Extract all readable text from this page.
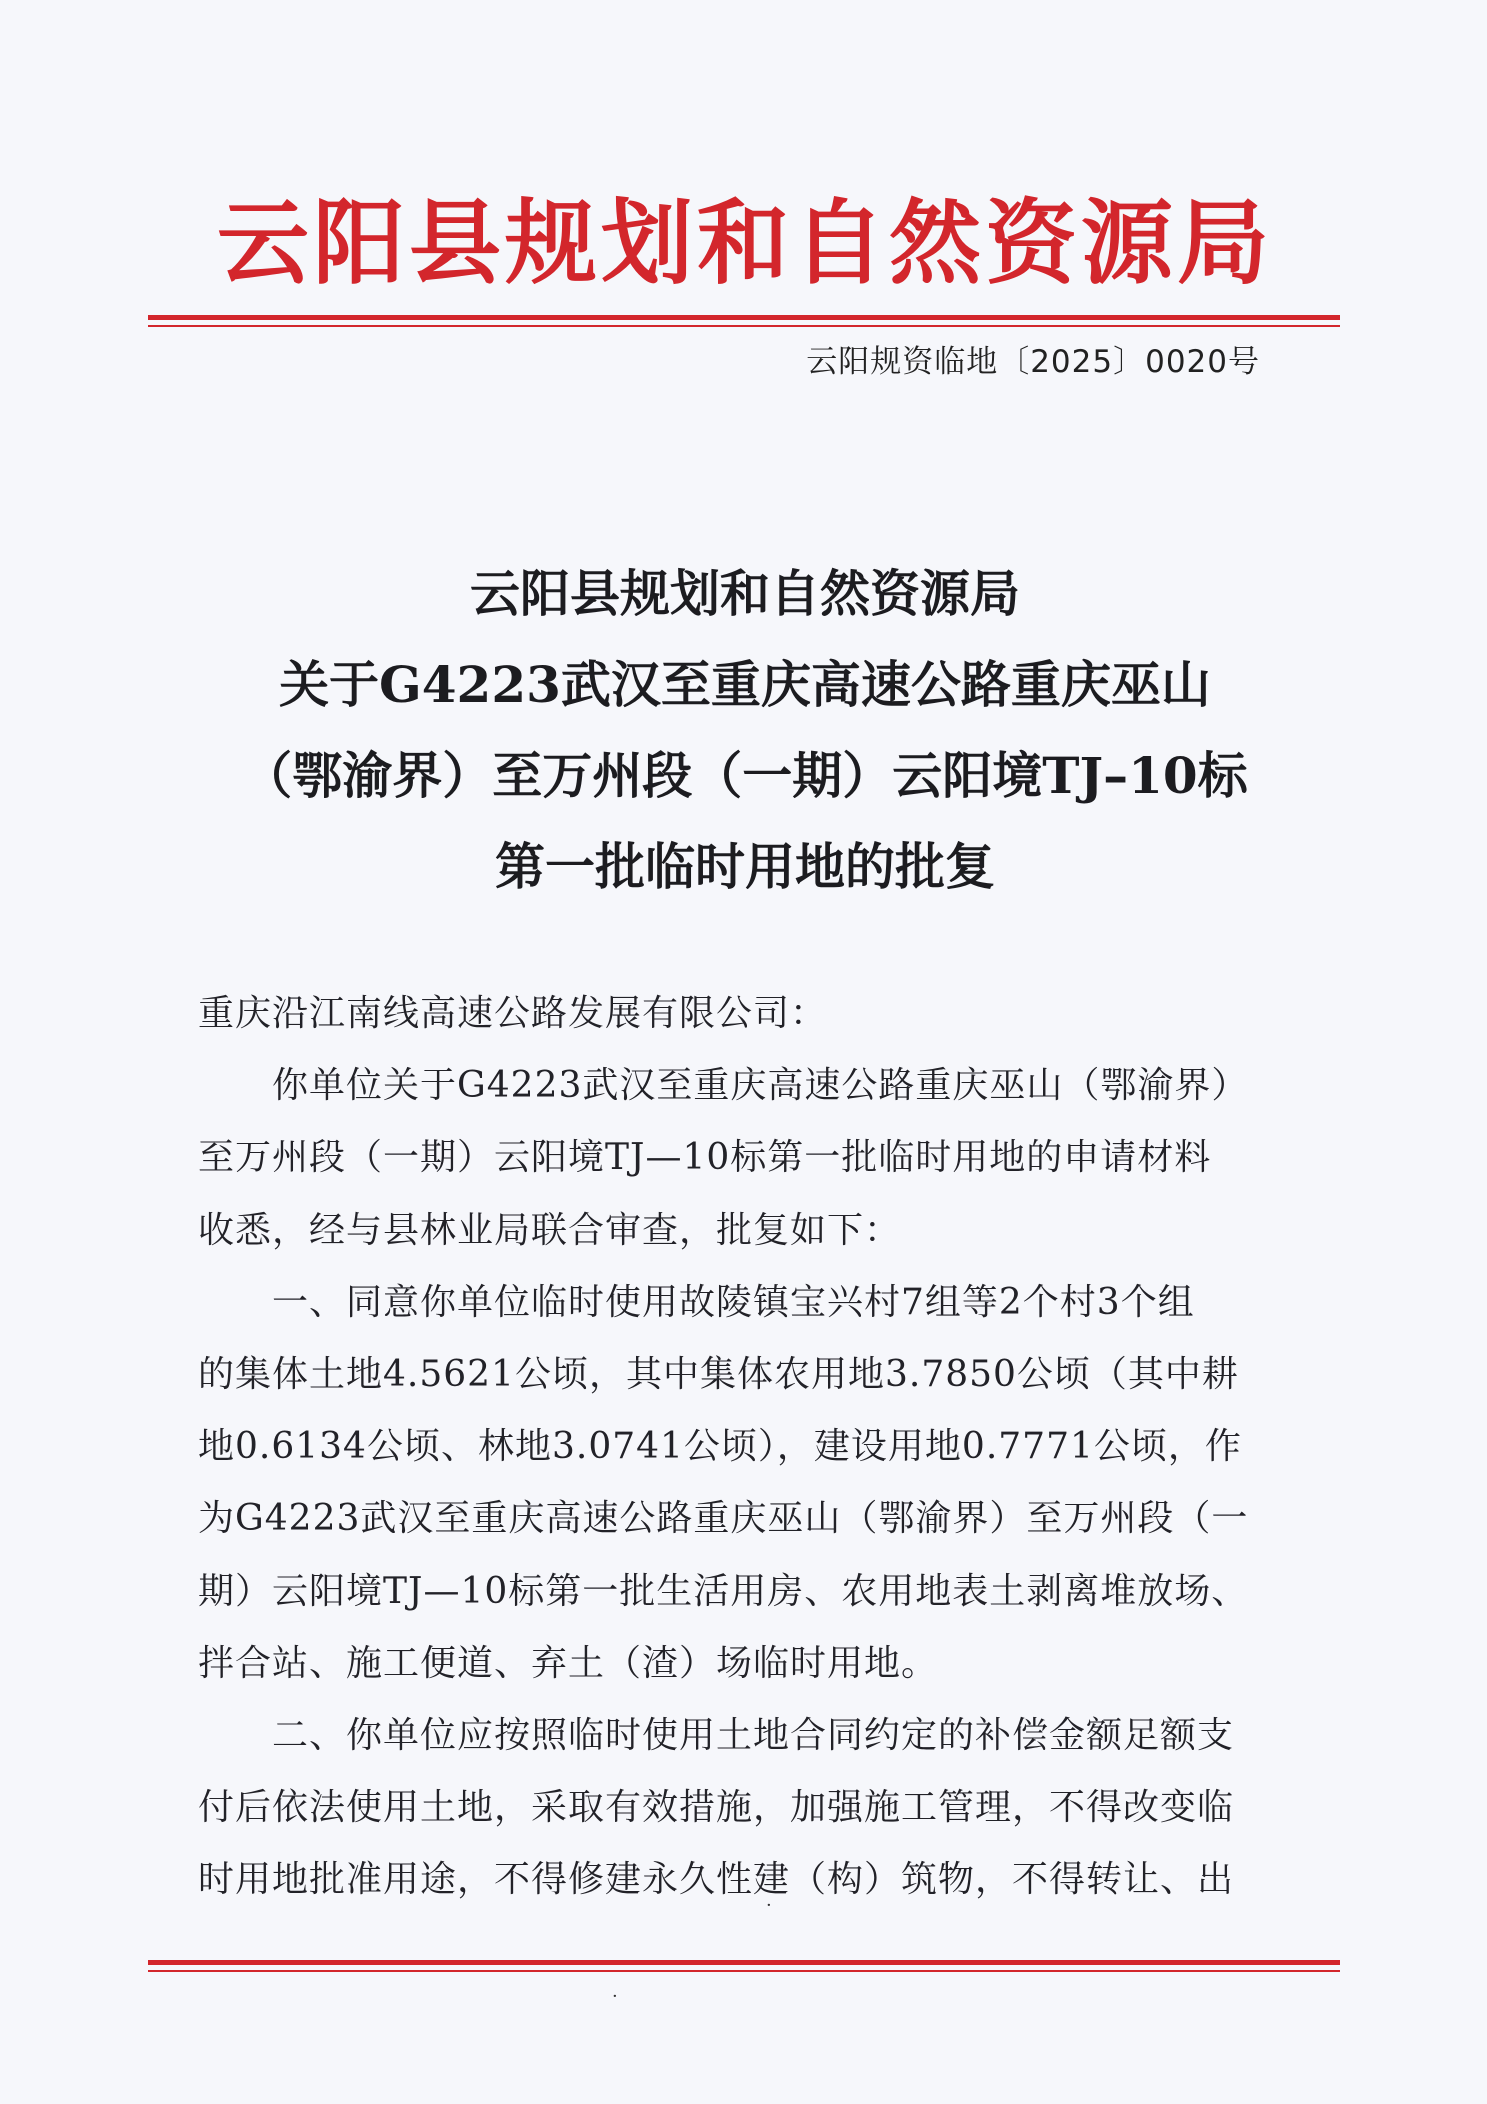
云阳县规划和自然资源局
云阳规资临地〔2025〕0020号
云阳县规划和自然资源局
关于G4223武汉至重庆高速公路重庆巫山
（鄂渝界）至万州段（一期）云阳境TJ–10标
第一批临时用地的批复
重庆沿江南线高速公路发展有限公司：
你单位关于G4223武汉至重庆高速公路重庆巫山（鄂渝界）
至万州段（一期）云阳境TJ—10标第一批临时用地的申请材料
收悉，经与县林业局联合审查，批复如下：
一、同意你单位临时使用故陵镇宝兴村7组等2个村3个组
的集体土地4.5621公顷，其中集体农用地3.7850公顷（其中耕
地0.6134公顷、林地3.0741公顷），建设用地0.7771公顷，作
为G4223武汉至重庆高速公路重庆巫山（鄂渝界）至万州段（一
期）云阳境TJ—10标第一批生活用房、农用地表土剥离堆放场、
拌合站、施工便道、弃土（渣）场临时用地。
二、你单位应按照临时使用土地合同约定的补偿金额足额支
付后依法使用土地，采取有效措施，加强施工管理，不得改变临
时用地批准用途，不得修建永久性建（构）筑物，不得转让、出
·
·
